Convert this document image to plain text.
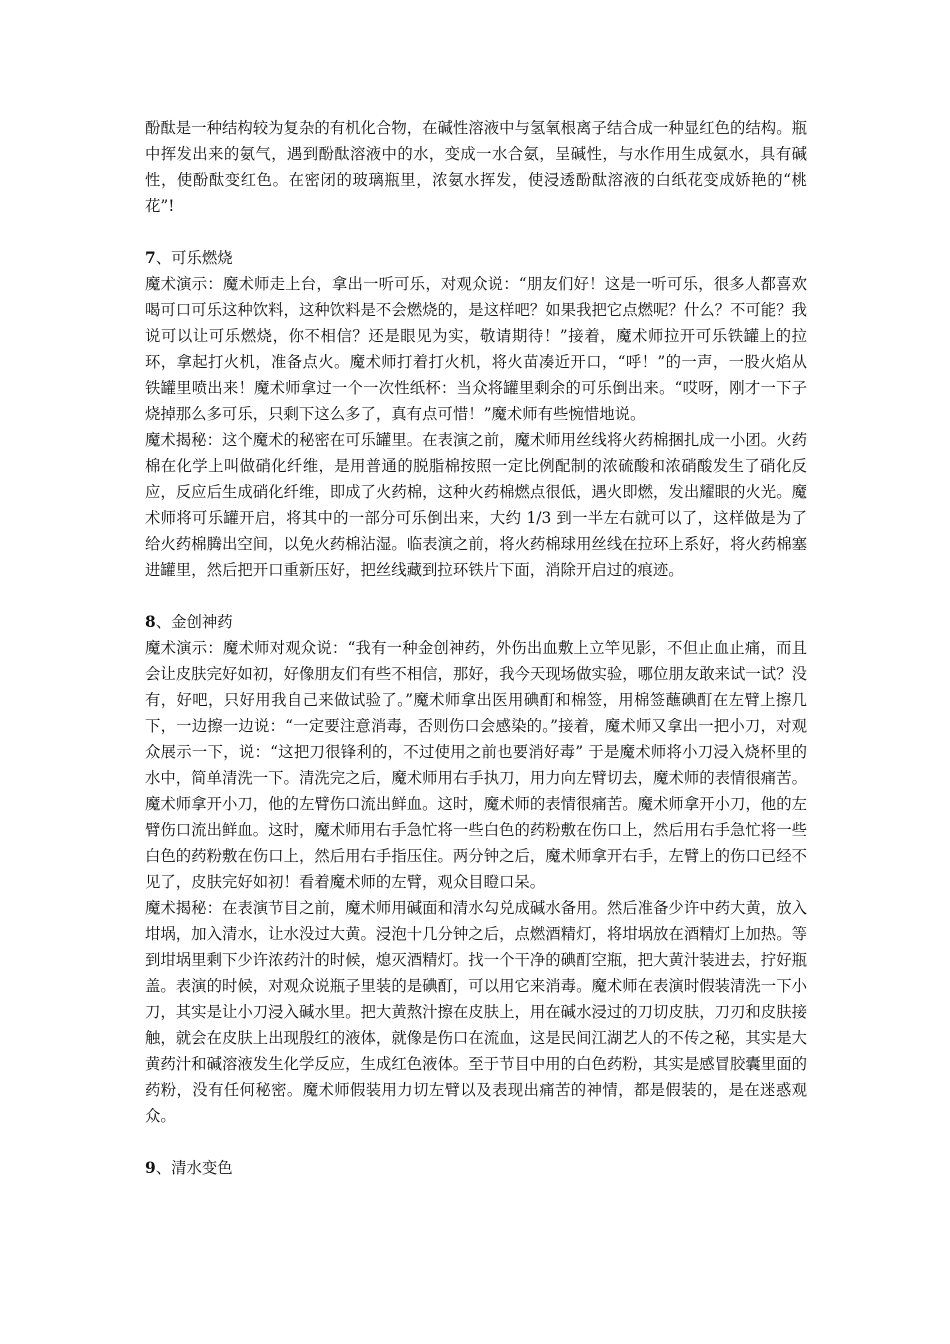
酚酞是一种结构较为复杂的有机化合物，在碱性溶液中与氢氧根离子结合成一种显红色的结构。瓶中挥发出来的氨气，遇到酚酞溶液中的水，变成一水合氨，呈碱性，与水作用生成氨水，具有碱性，使酚酞变红色。在密闭的玻璃瓶里，浓氨水挥发，使浸透酚酞溶液的白纸花变成娇艳的“桃花”!

7、可乐燃烧

魔术演示：魔术师走上台，拿出一听可乐，对观众说：“朋友们好！这是一听可乐，很多人都喜欢喝可口可乐这种饮料，这种饮料是不会燃烧的，是这样吧？如果我把它点燃呢？什么？不可能？我说可以让可乐燃烧，你不相信？还是眼见为实，敬请期待！”接着，魔术师拉开可乐铁罐上的拉环，拿起打火机，准备点火。魔术师打着打火机，将火苗凑近开口，“呼！”的一声，一股火焰从铁罐里喷出来！魔术师拿过一个一次性纸杯：当众将罐里剩余的可乐倒出来。“哎呀，刚才一下子烧掉那么多可乐，只剩下这么多了，真有点可惜！”魔术师有些惋惜地说。

魔术揭秘：这个魔术的秘密在可乐罐里。在表演之前，魔术师用丝线将火药棉捆扎成一小团。火药棉在化学上叫做硝化纤维，是用普通的脱脂棉按照一定比例配制的浓硫酸和浓硝酸发生了硝化反应，反应后生成硝化纤维，即成了火药棉，这种火药棉燃点很低，遇火即燃，发出耀眼的火光。魔术师将可乐罐开启，将其中的一部分可乐倒出来，大约 1/3 到一半左右就可以了，这样做是为了给火药棉腾出空间，以免火药棉沾湿。临表演之前，将火药棉球用丝线在拉环上系好，将火药棉塞进罐里，然后把开口重新压好，把丝线藏到拉环铁片下面，消除开启过的痕迹。

8、金创神药

魔术演示：魔术师对观众说：“我有一种金创神药，外伤出血敷上立竿见影，不但止血止痛，而且会让皮肤完好如初，好像朋友们有些不相信，那好，我今天现场做实验，哪位朋友敢来试一试？没有，好吧，只好用我自己来做试验了。”魔术师拿出医用碘酊和棉签，用棉签蘸碘酊在左臂上擦几下，一边擦一边说：“一定要注意消毒，否则伤口会感染的。”接着，魔术师又拿出一把小刀，对观众展示一下，说：“这把刀很锋利的，不过使用之前也要消好毒” 于是魔术师将小刀浸入烧杯里的水中，简单清洗一下。清洗完之后，魔术师用右手执刀，用力向左臂切去，魔术师的表情很痛苦。魔术师拿开小刀，他的左臂伤口流出鲜血。这时，魔术师的表情很痛苦。魔术师拿开小刀，他的左臂伤口流出鲜血。这时，魔术师用右手急忙将一些白色的药粉敷在伤口上，然后用右手急忙将一些白色的药粉敷在伤口上，然后用右手指压住。两分钟之后，魔术师拿开右手，左臂上的伤口已经不见了，皮肤完好如初！看着魔术师的左臂，观众目瞪口呆。

魔术揭秘：在表演节目之前，魔术师用碱面和清水勾兑成碱水备用。然后准备少许中药大黄，放入坩埚，加入清水，让水没过大黄。浸泡十几分钟之后，点燃酒精灯，将坩埚放在酒精灯上加热。等到坩埚里剩下少许浓药汁的时候，熄灭酒精灯。找一个干净的碘酊空瓶，把大黄汁装进去，拧好瓶盖。表演的时候，对观众说瓶子里装的是碘酊，可以用它来消毒。魔术师在表演时假装清洗一下小刀，其实是让小刀浸入碱水里。把大黄熬汁擦在皮肤上，用在碱水浸过的刀切皮肤，刀刃和皮肤接触，就会在皮肤上出现殷红的液体，就像是伤口在流血，这是民间江湖艺人的不传之秘，其实是大黄药汁和碱溶液发生化学反应，生成红色液体。至于节目中用的白色药粉，其实是感冒胶囊里面的药粉，没有任何秘密。魔术师假装用力切左臂以及表现出痛苦的神情，都是假装的，是在迷惑观众。

9、清水变色
